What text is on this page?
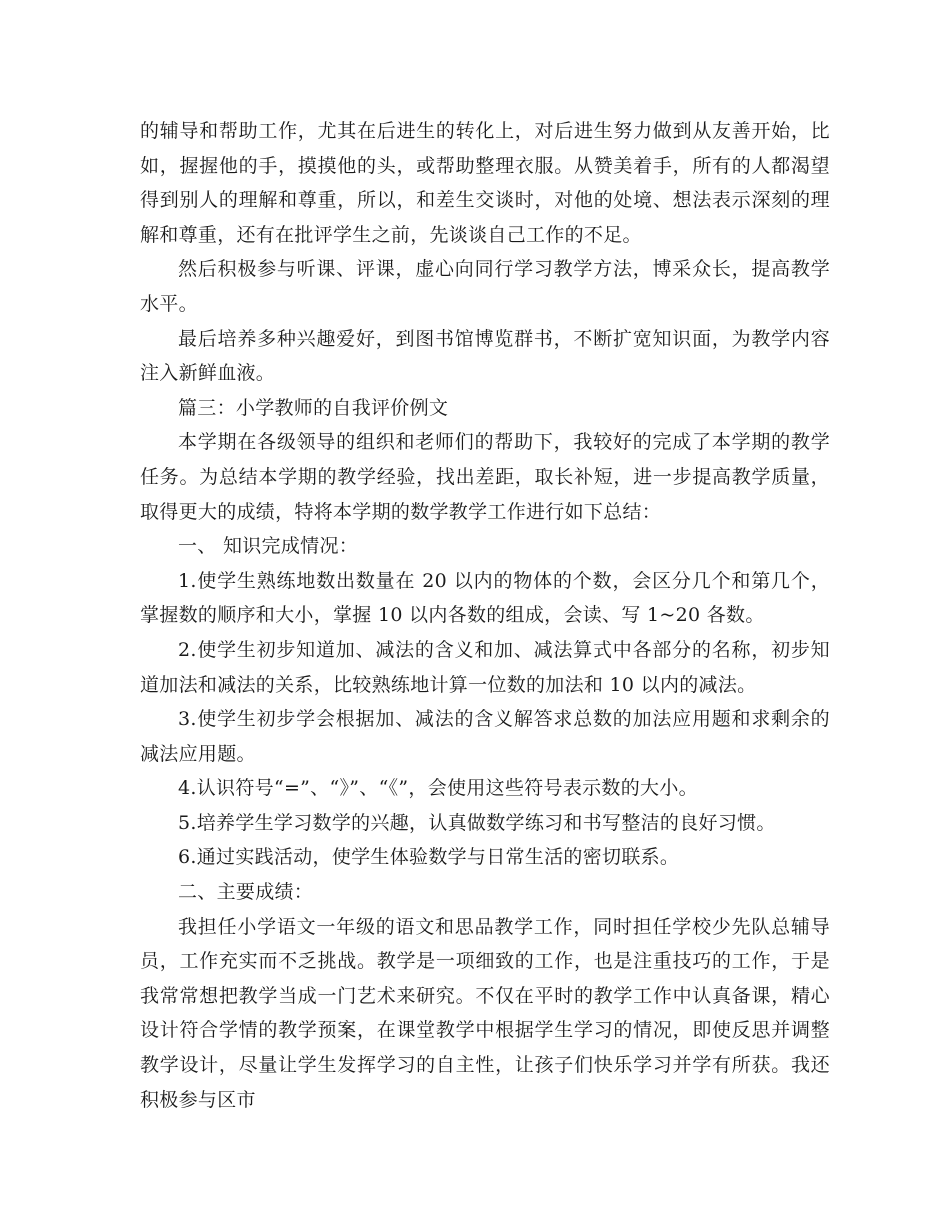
的辅导和帮助工作，尤其在后进生的转化上，对后进生努力做到从友善开始，比如，握握他的手，摸摸他的头，或帮助整理衣服。从赞美着手，所有的人都渴望得到别人的理解和尊重，所以，和差生交谈时，对他的处境、想法表示深刻的理解和尊重，还有在批评学生之前，先谈谈自己工作的不足。

然后积极参与听课、评课，虚心向同行学习教学方法，博采众长，提高教学水平。

最后培养多种兴趣爱好，到图书馆博览群书，不断扩宽知识面，为教学内容注入新鲜血液。

篇三：小学教师的自我评价例文

本学期在各级领导的组织和老师们的帮助下，我较好的完成了本学期的教学任务。为总结本学期的教学经验，找出差距，取长补短，进一步提高教学质量，取得更大的成绩，特将本学期的数学教学工作进行如下总结：

一、 知识完成情况：

1.使学生熟练地数出数量在 20 以内的物体的个数，会区分几个和第几个，掌握数的顺序和大小，掌握 10 以内各数的组成，会读、写 1~20 各数。

2.使学生初步知道加、减法的含义和加、减法算式中各部分的名称，初步知道加法和减法的关系，比较熟练地计算一位数的加法和 10 以内的减法。

3.使学生初步学会根据加、减法的含义解答求总数的加法应用题和求剩余的减法应用题。

4.认识符号“=”、“》”、“《”，会使用这些符号表示数的大小。

5.培养学生学习数学的兴趣，认真做数学练习和书写整洁的良好习惯。

6.通过实践活动，使学生体验数学与日常生活的密切联系。

二、主要成绩：

我担任小学语文一年级的语文和思品教学工作，同时担任学校少先队总辅导员，工作充实而不乏挑战。教学是一项细致的工作，也是注重技巧的工作，于是我常常想把教学当成一门艺术来研究。不仅在平时的教学工作中认真备课，精心设计符合学情的教学预案，在课堂教学中根据学生学习的情况，即使反思并调整教学设计，尽量让学生发挥学习的自主性，让孩子们快乐学习并学有所获。我还积极参与区市
